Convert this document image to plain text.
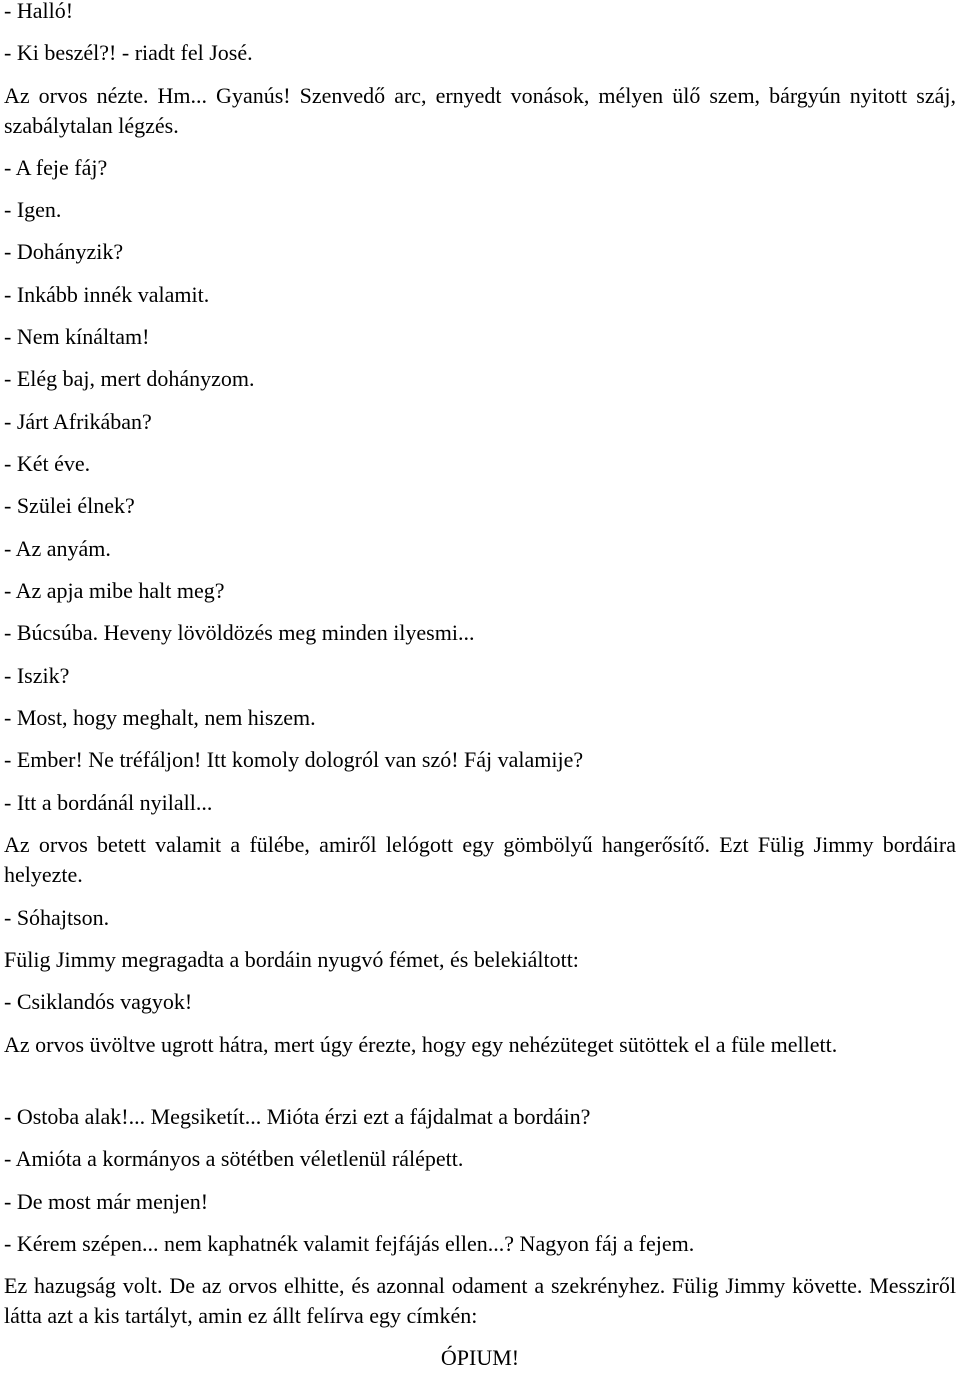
- Halló!
- Ki beszél?! - riadt fel José.
Az orvos nézte. Hm... Gyanús! Szenvedő arc, ernyedt vonások, mélyen ülő szem, bárgyún nyitott száj, szabálytalan légzés.
- A feje fáj?
- Igen.
- Dohányzik?
- Inkább innék valamit.
- Nem kínáltam!
- Elég baj, mert dohányzom.
- Járt Afrikában?
- Két éve.
- Szülei élnek?
- Az anyám.
- Az apja mibe halt meg?
- Búcsúba. Heveny lövöldözés meg minden ilyesmi...
- Iszik?
- Most, hogy meghalt, nem hiszem.
- Ember! Ne tréfáljon! Itt komoly dologról van szó! Fáj valamije?
- Itt a bordánál nyilall...
Az orvos betett valamit a fülébe, amiről lelógott egy gömbölyű hangerősítő. Ezt Fülig Jimmy bordáira helyezte.
- Sóhajtson.
Fülig Jimmy megragadta a bordáin nyugvó fémet, és belekiáltott:
- Csiklandós vagyok!
Az orvos üvöltve ugrott hátra, mert úgy érezte, hogy egy nehézüteget sütöttek el a füle mellett.
- Ostoba alak!... Megsiketít... Mióta érzi ezt a fájdalmat a bordáin?
- Amióta a kormányos a sötétben véletlenül rálépett.
- De most már menjen!
- Kérem szépen... nem kaphatnék valamit fejfájás ellen...? Nagyon fáj a fejem.
Ez hazugság volt. De az orvos elhitte, és azonnal odament a szekrényhez. Fülig Jimmy követte. Messziről látta azt a kis tartályt, amin ez állt felírva egy címkén:
ÓPIUM!
